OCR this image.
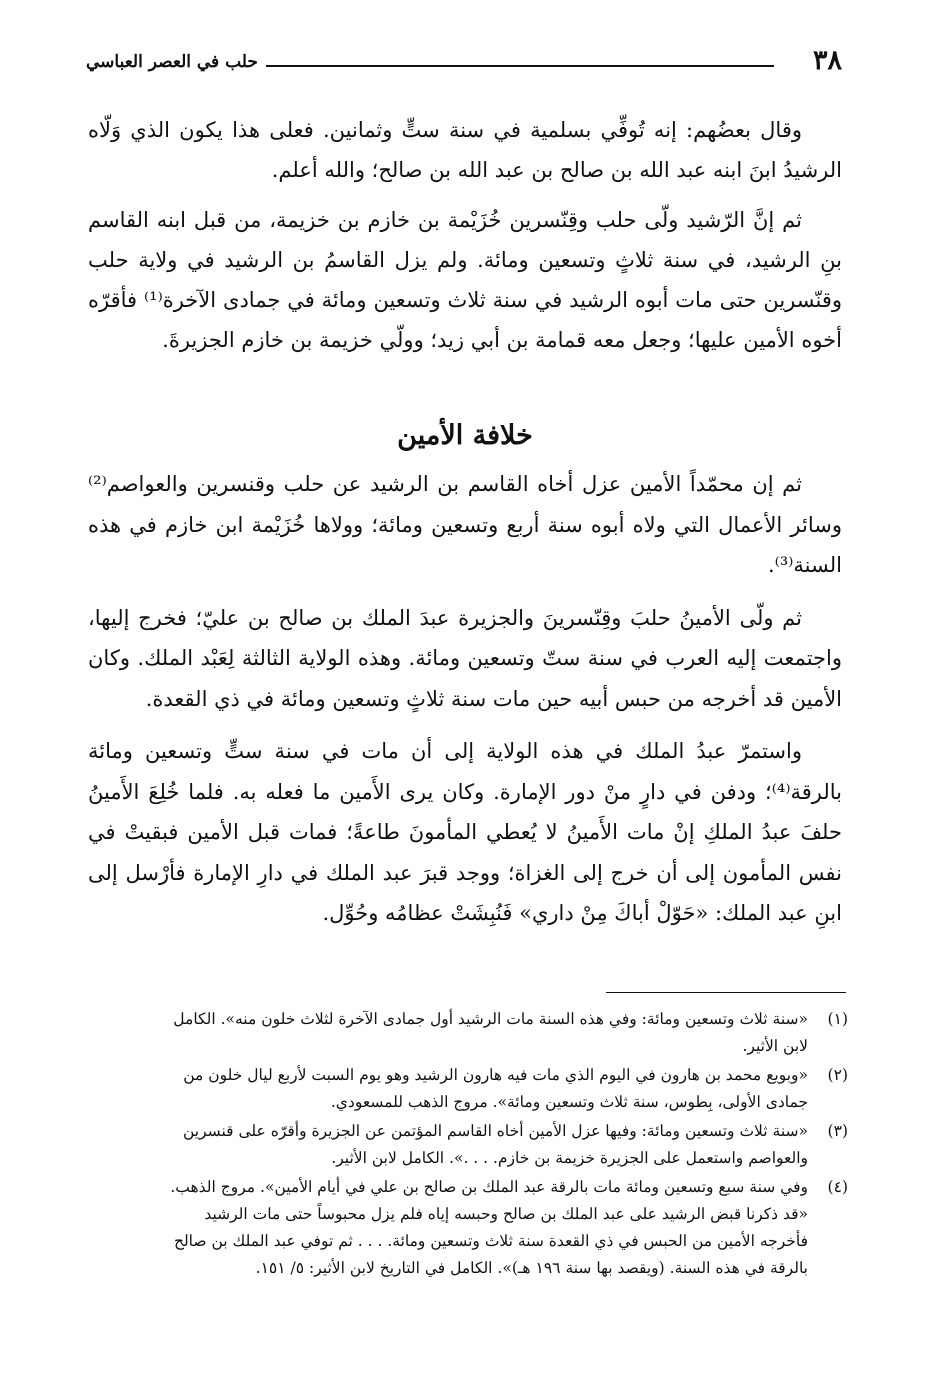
٣٨
حلب في العصر العباسي

وقال بعضُهم: إنه تُوفِّي بسلمية في سنة ستٍّ وثمانين. فعلى هذا يكون الذي وَلّاه الرشيدُ ابنَ ابنه عبد الله بن صالح بن عبد الله بن صالح؛ والله أعلم.

ثم إنَّ الرّشيد ولّى حلب وقِنّسرين خُزَيْمة بن خازم بن خزيمة، من قبل ابنه القاسم بنِ الرشيد، في سنة ثلاثٍ وتسعين ومائة. ولم يزل القاسمُ بن الرشيد في ولاية حلب وقنّسرين حتى مات أبوه الرشيد في سنة ثلاث وتسعين ومائة في جمادى الآخرة⁽¹⁾ فأقرّه أخوه الأمين عليها؛ وجعل معه قمامة بن أبي زيد؛ وولّي خزيمة بن خازم الجزيرةَ.

خلافة الأمين

ثم إن محمّداً الأمين عزل أخاه القاسم بن الرشيد عن حلب وقنسرين والعواصم⁽²⁾ وسائر الأعمال التي ولاه أبوه سنة أربع وتسعين ومائة؛ وولاها خُزَيْمة ابن خازم في هذه السنة⁽³⁾.

ثم ولّى الأمينُ حلبَ وقِنّسرينَ والجزيرة عبدَ الملك بن صالح بن عليّ؛ فخرج إليها، واجتمعت إليه العرب في سنة ستّ وتسعين ومائة. وهذه الولاية الثالثة لِعَبْد الملك. وكان الأمين قد أخرجه من حبس أبيه حين مات سنة ثلاثٍ وتسعين ومائة في ذي القعدة.

واستمرّ عبدُ الملك في هذه الولاية إلى أن مات في سنة ستٍّ وتسعين ومائة بالرقة⁽⁴⁾؛ ودفن في دارٍ منْ دور الإمارة. وكان يرى الأَمين ما فعله به. فلما خُلِعَ الأَمينُ حلفَ عبدُ الملكِ إنْ مات الأَمينُ لا يُعطي المأمونَ طاعةً؛ فمات قبل الأمين فبقيتْ في نفس المأمون إلى أن خرج إلى الغزاة؛ ووجد قبرَ عبد الملك في دارِ الإمارة فأرْسل إلى ابنِ عبد الملك: «حَوّلْ أباكَ مِنْ داري» فَنُبِشَتْ عظامُه وحُوِّل.

(١)
«سنة ثلاث وتسعين ومائة: وفي هذه السنة مات الرشيد أول جمادى الآخرة لثلاث خلون منه». الكامل
لابن الأثير.
(٢)
«وبويع محمد بن هارون في اليوم الذي مات فيه هارون الرشيد وهو يوم السبت لأربع ليال خلون من
جمادى الأولى، بِطوس، سنة ثلاث وتسعين ومائة». مروج الذهب للمسعودي.
(٣)
«سنة ثلاث وتسعين ومائة: وفيها عزل الأمين أخاه القاسم المؤتمن عن الجزيرة وأقرّه على قنسرين
والعواصم واستعمل على الجزيرة خزيمة بن خازم. . . .». الكامل لابن الأثير.
(٤)
وفي سنة سبع وتسعين ومائة مات بالرقة عبد الملك بن صالح بن علي في أيام الأمين». مروج الذهب.
«قد ذكرنا قبض الرشيد على عبد الملك بن صالح وحبسه إياه فلم يزل محبوساً حتى مات الرشيد
فأخرجه الأمين من الحبس في ذي القعدة سنة ثلاث وتسعين ومائة. . . . ثم توفي عبد الملك بن صالح
بالرقة في هذه السنة. (ويقصد بها سنة ١٩٦ هـ)». الكامل في التاريخ لابن الأثير: ٥/ ١٥١.
